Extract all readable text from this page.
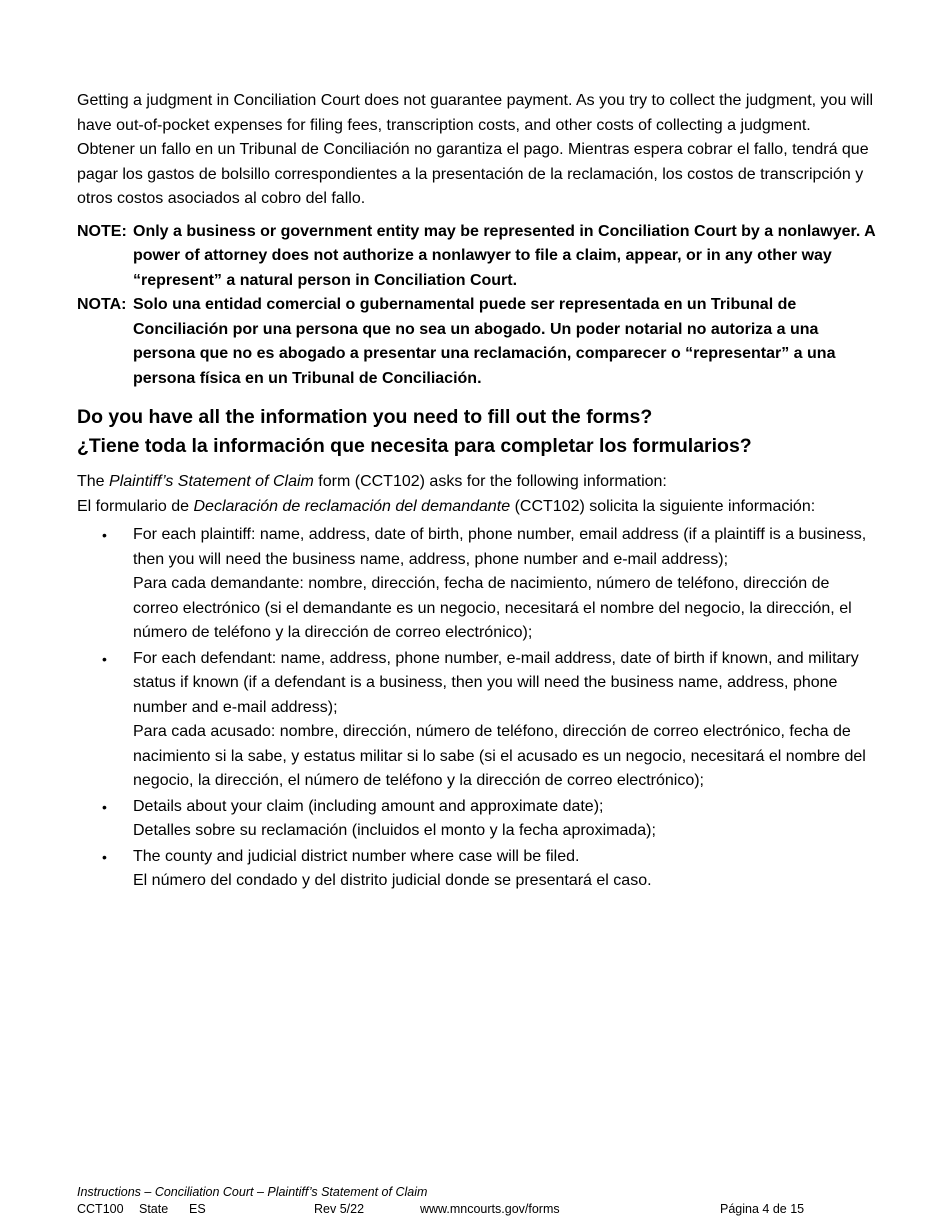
Getting a judgment in Conciliation Court does not guarantee payment. As you try to collect the judgment, you will have out-of-pocket expenses for filing fees, transcription costs, and other costs of collecting a judgment.

Obtener un fallo en un Tribunal de Conciliación no garantiza el pago. Mientras espera cobrar el fallo, tendrá que pagar los gastos de bolsillo correspondientes a la presentación de la reclamación, los costos de transcripción y otros costos asociados al cobro del fallo.

NOTE: Only a business or government entity may be represented in Conciliation Court by a nonlawyer. A power of attorney does not authorize a nonlawyer to file a claim, appear, or in any other way “represent” a natural person in Conciliation Court.
NOTA: Solo una entidad comercial o gubernamental puede ser representada en un Tribunal de Conciliación por una persona que no sea un abogado. Un poder notarial no autoriza a una persona que no es abogado a presentar una reclamación, comparecer o “representar” a una persona física en un Tribunal de Conciliación.
Do you have all the information you need to fill out the forms?
¿Tiene toda la información que necesita para completar los formularios?

The Plaintiff’s Statement of Claim form (CCT102) asks for the following information:

El formulario de Declaración de reclamación del demandante (CCT102) solicita la siguiente información:

•	For each plaintiff: name, address, date of birth, phone number, email address (if a plaintiff is a business, then you will need the business name, address, phone number and e-mail address);
Para cada demandante: nombre, dirección, fecha de nacimiento, número de teléfono, dirección de correo electrónico (si el demandante es un negocio, necesitará el nombre del negocio, la dirección, el número de teléfono y la dirección de correo electrónico);
•	For each defendant: name, address, phone number, e-mail address, date of birth if known, and military status if known (if a defendant is a business, then you will need the business name, address, phone number and e-mail address);
Para cada acusado: nombre, dirección, número de teléfono, dirección de correo electrónico, fecha de nacimiento si la sabe, y estatus militar si lo sabe (si el acusado es un negocio, necesitará el nombre del negocio, la dirección, el número de teléfono y la dirección de correo electrónico);
•	Details about your claim (including amount and approximate date);
Detalles sobre su reclamación (incluidos el monto y la fecha aproximada);
•	The county and judicial district number where case will be filed.
El número del condado y del distrito judicial donde se presentará el caso.
Instructions – Conciliation Court – Plaintiff’s Statement of Claim
CCT100	State	ES	Rev 5/22	www.mncourts.gov/forms	Página 4 de 15
